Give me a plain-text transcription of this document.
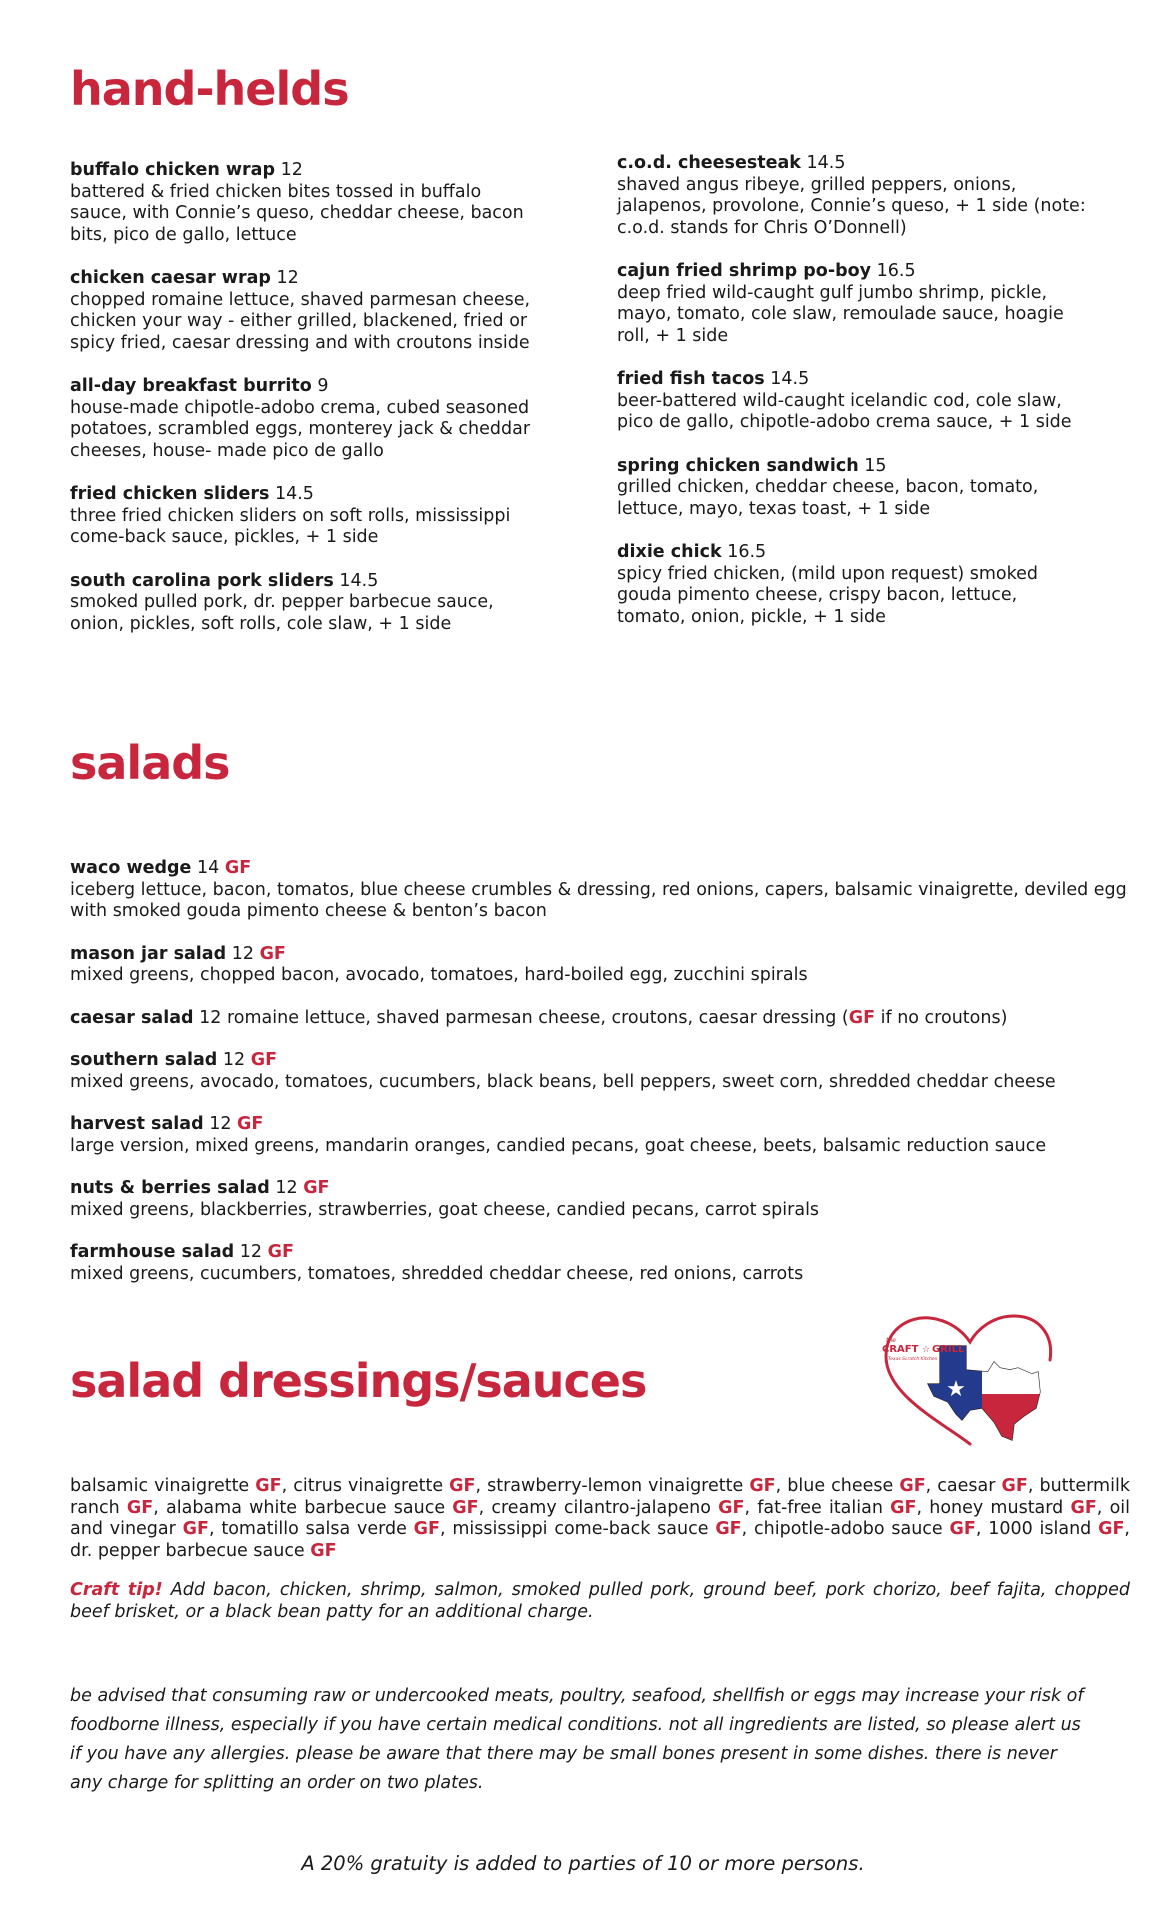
hand-helds
buffalo chicken wrap 12
battered & fried chicken bites tossed in buffalo sauce, with Connie’s queso, cheddar cheese, bacon bits, pico de gallo, lettuce
chicken caesar wrap 12
chopped romaine lettuce, shaved parmesan cheese, chicken your way - either grilled, blackened, fried or spicy fried, caesar dressing and with croutons inside
all-day breakfast burrito 9
house-made chipotle-adobo crema, cubed seasoned potatoes, scrambled eggs, monterey jack & cheddar cheeses, house- made pico de gallo
fried chicken sliders 14.5
three fried chicken sliders on soft rolls, mississippi come-back sauce, pickles, + 1 side
south carolina pork sliders 14.5
smoked pulled pork, dr. pepper barbecue sauce, onion, pickles, soft rolls, cole slaw, + 1 side
c.o.d. cheesesteak 14.5
shaved angus ribeye, grilled peppers, onions, jalapenos, provolone, Connie’s queso, + 1 side (note: c.o.d. stands for Chris O’Donnell)
cajun fried shrimp po-boy 16.5
deep fried wild-caught gulf jumbo shrimp, pickle, mayo, tomato, cole slaw, remoulade sauce, hoagie roll, + 1 side
fried fish tacos 14.5
beer-battered wild-caught icelandic cod, cole slaw, pico de gallo, chipotle-adobo crema sauce, + 1 side
spring chicken sandwich 15
grilled chicken, cheddar cheese, bacon, tomato, lettuce, mayo, texas toast, + 1 side
dixie chick 16.5
spicy fried chicken, (mild upon request) smoked gouda pimento cheese, crispy bacon, lettuce, tomato, onion, pickle, + 1 side
salads
waco wedge 14 GF
iceberg lettuce, bacon, tomatos, blue cheese crumbles & dressing, red onions, capers, balsamic vinaigrette, deviled egg with smoked gouda pimento cheese & benton’s bacon
mason jar salad 12 GF
mixed greens, chopped bacon, avocado, tomatoes, hard-boiled egg, zucchini spirals
caesar salad 12 romaine lettuce, shaved parmesan cheese, croutons, caesar dressing (GF if no croutons)
southern salad 12 GF
mixed greens, avocado, tomatoes, cucumbers, black beans, bell peppers, sweet corn, shredded cheddar cheese
harvest salad 12 GF
large version, mixed greens, mandarin oranges, candied pecans, goat cheese, beets, balsamic reduction sauce
nuts & berries salad 12 GF
mixed greens, blackberries, strawberries, goat cheese, candied pecans, carrot spirals
farmhouse salad 12 GF
mixed greens, cucumbers, tomatoes, shredded cheddar cheese, red onions, carrots
salad dressings/sauces	★
the
CRAFT ☆ GRILL
Texas Scratch Kitchen

balsamic vinaigrette GF, citrus vinaigrette GF, strawberry-lemon vinaigrette GF, blue cheese GF, caesar GF, buttermilk ranch GF, alabama white barbecue sauce GF, creamy cilantro-jalapeno GF, fat-free italian GF, honey mustard GF, oil and vinegar GF, tomatillo salsa verde GF, mississippi come-back sauce GF, chipotle-adobo sauce GF, 1000 island GF, dr. pepper barbecue sauce GF

Craft tip! Add bacon, chicken, shrimp, salmon, smoked pulled pork, ground beef, pork chorizo, beef fajita, chopped beef brisket, or a black bean patty for an additional charge.

be advised that consuming raw or undercooked meats, poultry, seafood, shellfish or eggs may increase your risk of foodborne illness, especially if you have certain medical conditions. not all ingredients are listed, so please alert us if you have any allergies. please be aware that there may be small bones present in some dishes. there is never any charge for splitting an order on two plates.

A 20% gratuity is added to parties of 10 or more persons.
